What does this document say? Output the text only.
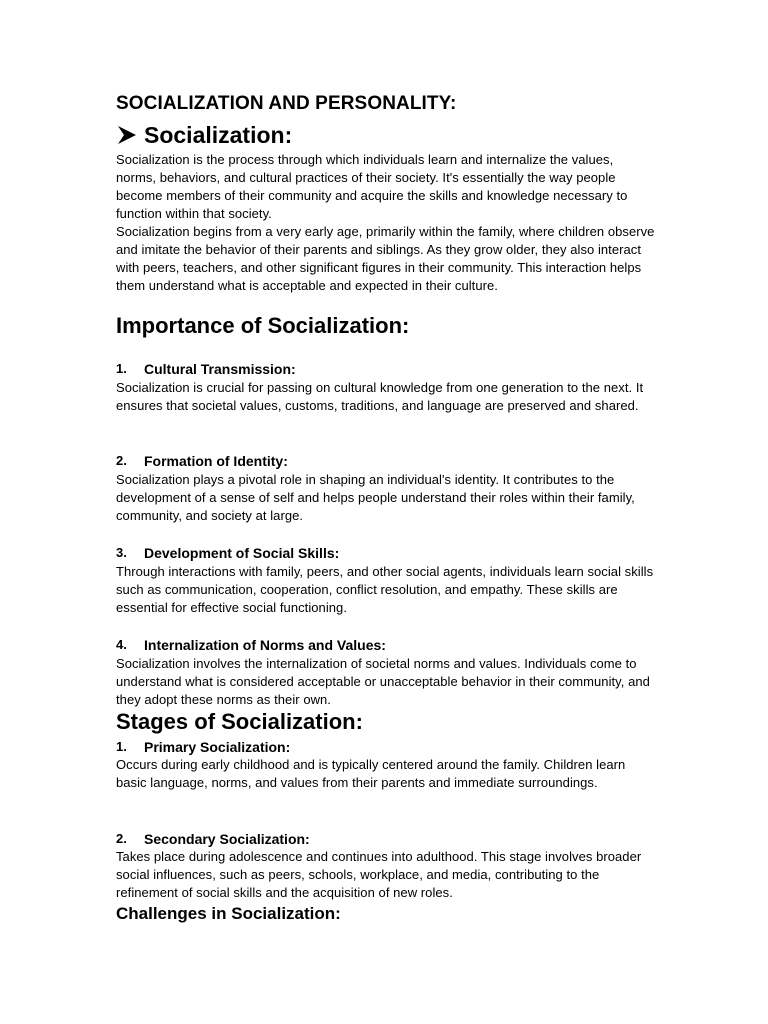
SOCIALIZATION AND PERSONALITY:
Socialization:

Socialization is the process through which individuals learn and internalize the values, norms, behaviors, and cultural practices of their society. It's essentially the way people become members of their community and acquire the skills and knowledge necessary to function within that society.

Socialization begins from a very early age, primarily within the family, where children observe and imitate the behavior of their parents and siblings. As they grow older, they also interact with peers, teachers, and other significant figures in their community. This interaction helps them understand what is acceptable and expected in their culture.

Importance of Socialization:
1.	Cultural Transmission:

Socialization is crucial for passing on cultural knowledge from one generation to the next. It ensures that societal values, customs, traditions, and language are preserved and shared.

2.	Formation of Identity:

Socialization plays a pivotal role in shaping an individual's identity. It contributes to the development of a sense of self and helps people understand their roles within their family, community, and society at large.

3.	Development of Social Skills:

Through interactions with family, peers, and other social agents, individuals learn social skills such as communication, cooperation, conflict resolution, and empathy. These skills are essential for effective social functioning.

4.	Internalization of Norms and Values:

Socialization involves the internalization of societal norms and values. Individuals come to understand what is considered acceptable or unacceptable behavior in their community, and they adopt these norms as their own.

Stages of Socialization:
1.	Primary Socialization:

Occurs during early childhood and is typically centered around the family. Children learn basic language, norms, and values from their parents and immediate surroundings.

2.	Secondary Socialization:

Takes place during adolescence and continues into adulthood. This stage involves broader social influences, such as peers, schools, workplace, and media, contributing to the refinement of social skills and the acquisition of new roles.

Challenges in Socialization:
